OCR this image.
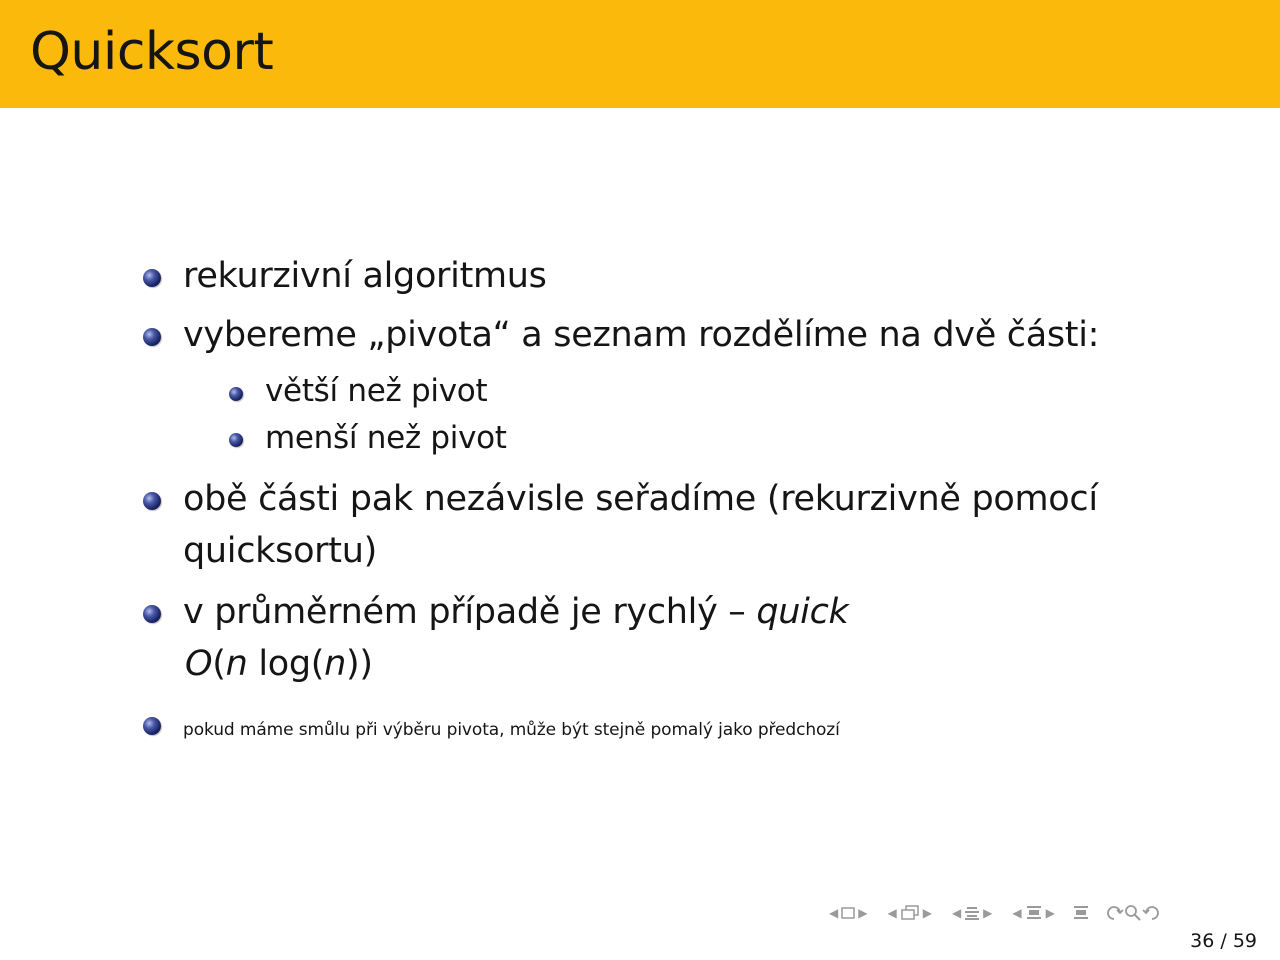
Quicksort
rekurzivní algoritmus
vybereme „pivota“ a seznam rozdělíme na dvě části:
větší než pivot
menší než pivot
obě části pak nezávisle seřadíme (rekurzivně pomocí
quicksortu)
v průměrném případě je rychlý – quick
O(n log(n))
pokud máme smůlu při výběru pivota, může být stejně pomalý jako předchozí
◀ ▶ ◀ ▶ ◀ ▶ ◀ ▶
36 / 59
